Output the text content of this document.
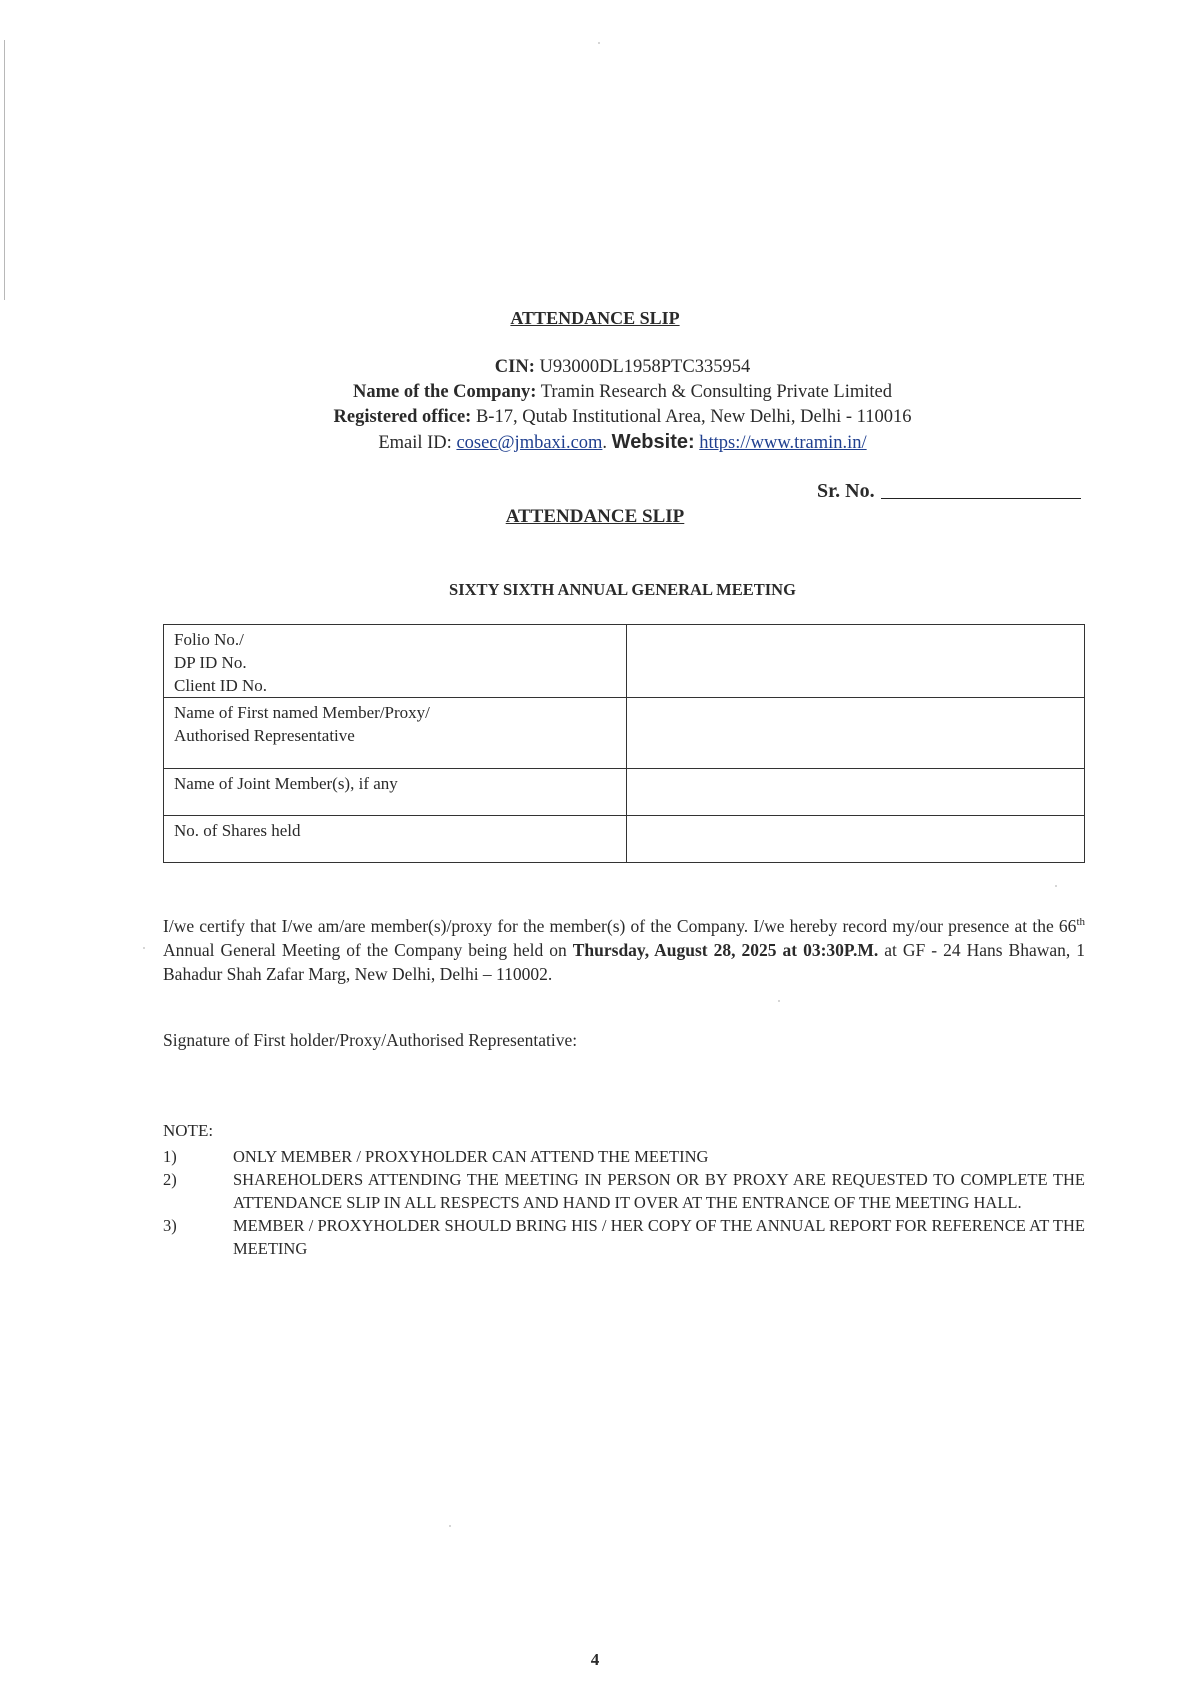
ATTENDANCE SLIP
CIN: U93000DL1958PTC335954
Name of the Company: Tramin Research & Consulting Private Limited
Registered office: B-17, Qutab Institutional Area, New Delhi, Delhi - 110016
Email ID: cosec@jmbaxi.com. Website: https://www.tramin.in/
Sr. No.
ATTENDANCE SLIP
SIXTY SIXTH ANNUAL GENERAL MEETING
Folio No./
DP ID No.
Client ID No.	

Name of First named Member/Proxy/
Authorised Representative	

Name of Joint Member(s), if any	

No. of Shares held	

I/we certify that I/we am/are member(s)/proxy for the member(s) of the Company. I/we hereby record my/our presence at the 66th Annual General Meeting of the Company being held on Thursday, August 28, 2025 at 03:30P.M. at GF - 24 Hans Bhawan, 1 Bahadur Shah Zafar Marg, New Delhi, Delhi – 110002.
Signature of First holder/Proxy/Authorised Representative:
NOTE:
1)	ONLY MEMBER / PROXYHOLDER CAN ATTEND THE MEETING
2)	SHAREHOLDERS ATTENDING THE MEETING IN PERSON OR BY PROXY ARE REQUESTED TO COMPLETE THE ATTENDANCE SLIP IN ALL RESPECTS AND HAND IT OVER AT THE ENTRANCE OF THE MEETING HALL.
3)	MEMBER / PROXYHOLDER SHOULD BRING HIS / HER COPY OF THE ANNUAL REPORT FOR REFERENCE AT THE MEETING
4
